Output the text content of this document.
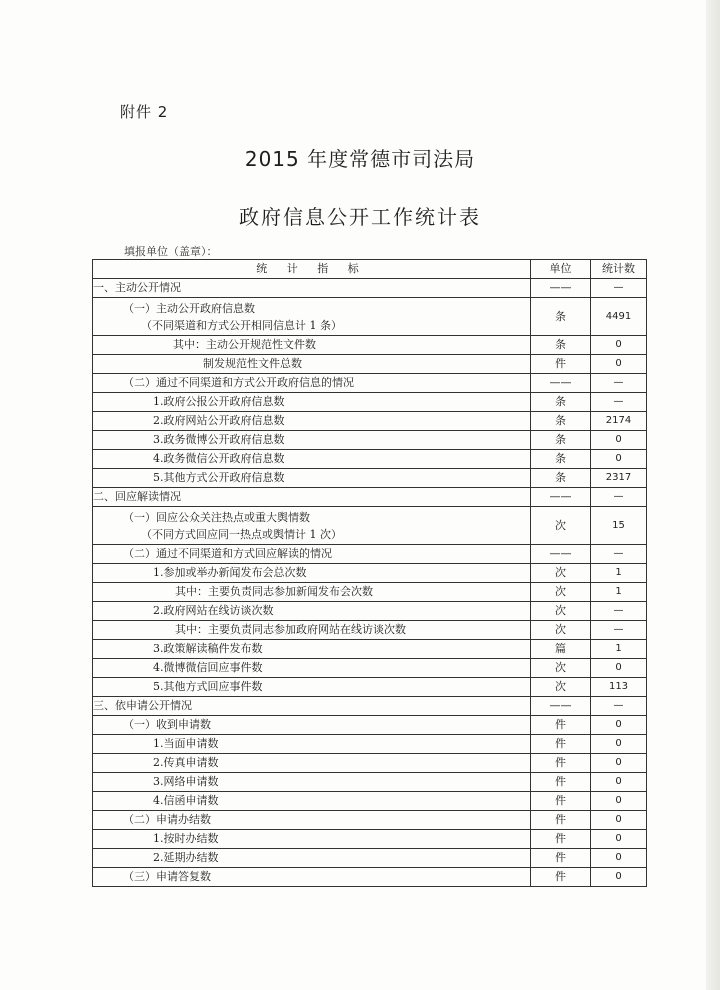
附件 2
2015 年度常德市司法局
政府信息公开工作统计表
填报单位（盖章）：
统 计 指 标	单位	统计数
一、主动公开情况	——	—
（一）主动公开政府信息数
（不同渠道和方式公开相同信息计 1 条）	条	4491
其中：主动公开规范性文件数	条	0
制发规范性文件总数	件	0
（二）通过不同渠道和方式公开政府信息的情况	——	—
1.政府公报公开政府信息数	条	—
2.政府网站公开政府信息数	条	2174
3.政务微博公开政府信息数	条	0
4.政务微信公开政府信息数	条	0
5.其他方式公开政府信息数	条	2317
二、回应解读情况	——	—
（一）回应公众关注热点或重大舆情数
（不同方式回应同一热点或舆情计 1 次）	次	15
（二）通过不同渠道和方式回应解读的情况	——	—
1.参加或举办新闻发布会总次数	次	1
其中：主要负责同志参加新闻发布会次数	次	1
2.政府网站在线访谈次数	次	—
其中：主要负责同志参加政府网站在线访谈次数	次	—
3.政策解读稿件发布数	篇	1
4.微博微信回应事件数	次	0
5.其他方式回应事件数	次	113
三、依申请公开情况	——	—
（一）收到申请数	件	0
1.当面申请数	件	0
2.传真申请数	件	0
3.网络申请数	件	0
4.信函申请数	件	0
（二）申请办结数	件	0
1.按时办结数	件	0
2.延期办结数	件	0
（三）申请答复数	件	0
